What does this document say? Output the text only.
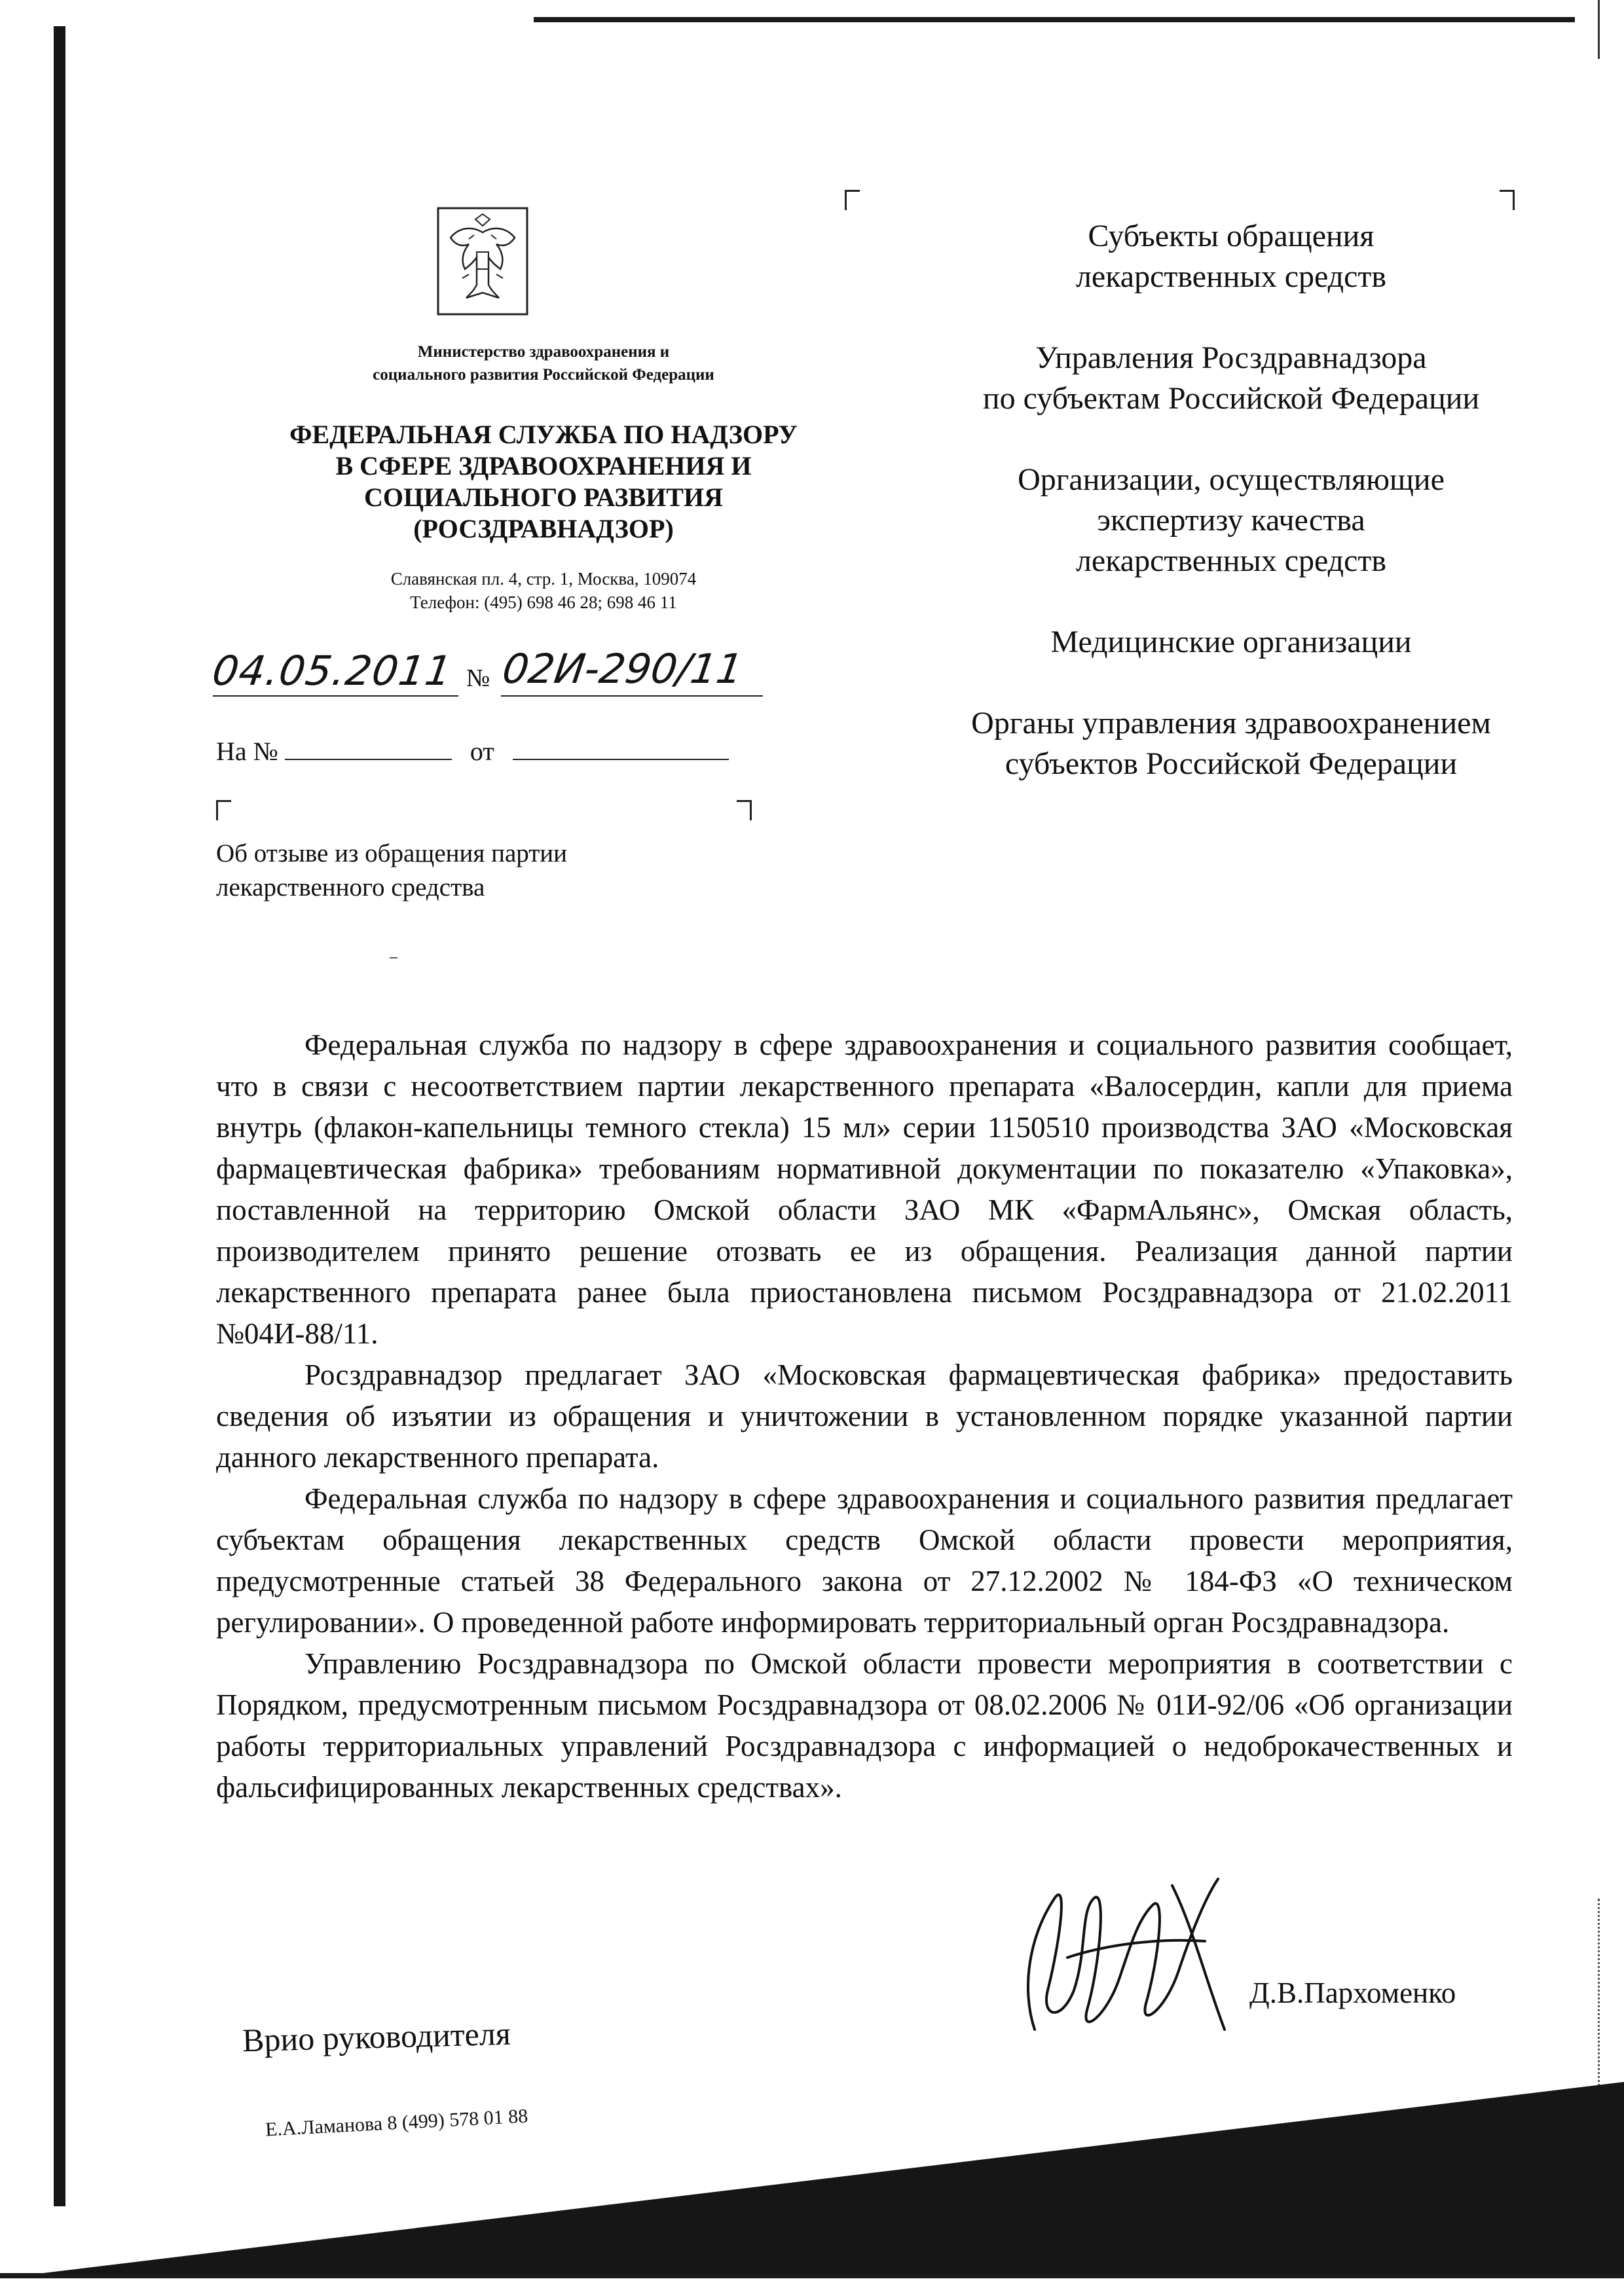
Министерство здравоохранения и
социального развития Российской Федерации
ФЕДЕРАЛЬНАЯ СЛУЖБА ПО НАДЗОРУ
В СФЕРЕ ЗДРАВООХРАНЕНИЯ И
СОЦИАЛЬНОГО РАЗВИТИЯ
(РОСЗДРАВНАДЗОР)
Славянская пл. 4, стр. 1, Москва, 109074
Телефон: (495) 698 46 28; 698 46 11
04.05.2011 № 02И-290/11
На №	от
Об отзыве из обращения партии
лекарственного средства
Субъекты обращения
лекарственных средств
Управления Росздравнадзора
по субъектам Российской Федерации
Организации, осуществляющие
экспертизу качества
лекарственных средств
Медицинские организации
Органы управления здравоохранением
субъектов Российской Федерации

Федеральная служба по надзору в сфере здравоохранения и социального развития сообщает, что в связи с несоответствием партии лекарственного препарата «Валосердин, капли для приема внутрь (флакон-капельницы темного стекла) 15 мл» серии 1150510 производства ЗАО «Московская фармацевтическая фабрика» требованиям нормативной документации по показателю «Упаковка», поставленной на территорию Омской области ЗАО МК «ФармАльянс», Омская область, производителем принято решение отозвать ее из обращения. Реализация данной партии лекарственного препарата ранее была приостановлена письмом Росздравнадзора от 21.02.2011 №04И-88/11.

Росздравнадзор предлагает ЗАО «Московская фармацевтическая фабрика» предоставить сведения об изъятии из обращения и уничтожении в установленном порядке указанной партии данного лекарственного препарата.

Федеральная служба по надзору в сфере здравоохранения и социального развития предлагает субъектам обращения лекарственных средств Омской области провести мероприятия, предусмотренные статьей 38 Федерального закона от 27.12.2002 № 184-ФЗ «О техническом регулировании». О проведенной работе информировать территориальный орган Росздравнадзора.

Управлению Росздравнадзора по Омской области провести мероприятия в соответствии с Порядком, предусмотренным письмом Росздравнадзора от 08.02.2006 № 01И-92/06 «Об организации работы территориальных управлений Росздравнадзора с информацией о недоброкачественных и фальсифицированных лекарственных средствах».

Д.В.Пархоменко
Врио руководителя
Е.А.Ламанова 8 (499) 578 01 88
